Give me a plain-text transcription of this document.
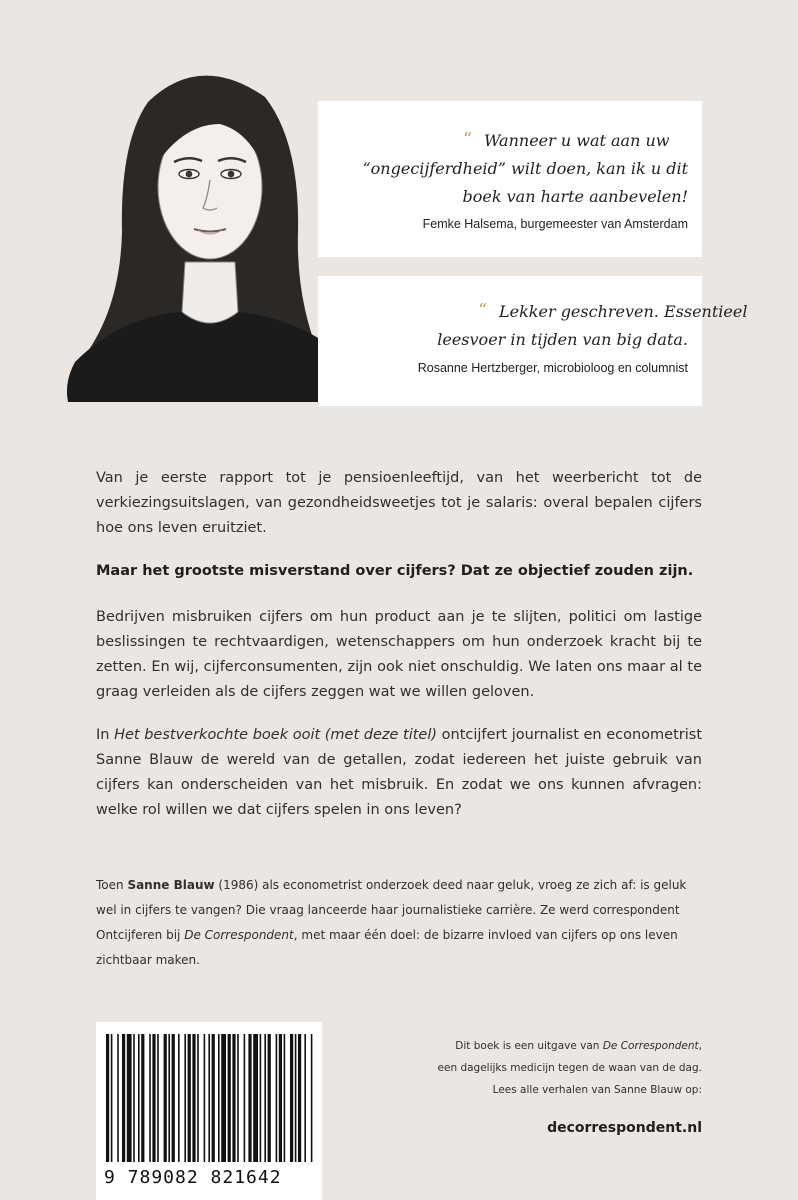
“ Wanneer u wat aan uw
“ongecijferdheid” wilt doen, kan ik u dit
boek van harte aanbevelen!
Femke Halsema, burgemeester van Amsterdam
“ Lekker geschreven. Essentieel
leesvoer in tijden van big data.
Rosanne Hertzberger, microbioloog en columnist

Van je eerste rapport tot je pensioenleeftijd, van het weerbericht tot de verkiezingsuitslagen, van gezondheidsweetjes tot je salaris: overal bepalen cijfers hoe ons leven eruitziet.

Maar het grootste misverstand over cijfers? Dat ze objectief zouden zijn.

Bedrijven misbruiken cijfers om hun product aan je te slijten, politici om lastige beslissingen te rechtvaardigen, wetenschappers om hun onderzoek kracht bij te zetten. En wij, cijferconsumenten, zijn ook niet onschuldig. We laten ons maar al te graag verleiden als de cijfers zeggen wat we willen geloven.

In Het bestverkochte boek ooit (met deze titel) ontcijfert journalist en econometrist Sanne Blauw de wereld van de getallen, zodat iedereen het juiste gebruik van cijfers kan onderscheiden van het misbruik. En zodat we ons kunnen afvragen: welke rol willen we dat cijfers spelen in ons leven?

Toen Sanne Blauw (1986) als econometrist onderzoek deed naar geluk, vroeg ze zich af: is geluk wel in cijfers te vangen? Die vraag lanceerde haar journalistieke carrière. Ze werd correspondent Ontcijferen bij De Correspondent, met maar één doel: de bizarre invloed van cijfers op ons leven zichtbaar maken.

9 789082 821642
Dit boek is een uitgave van De Correspondent,
een dagelijks medicijn tegen de waan van de dag.
Lees alle verhalen van Sanne Blauw op:
decorrespondent.nl
